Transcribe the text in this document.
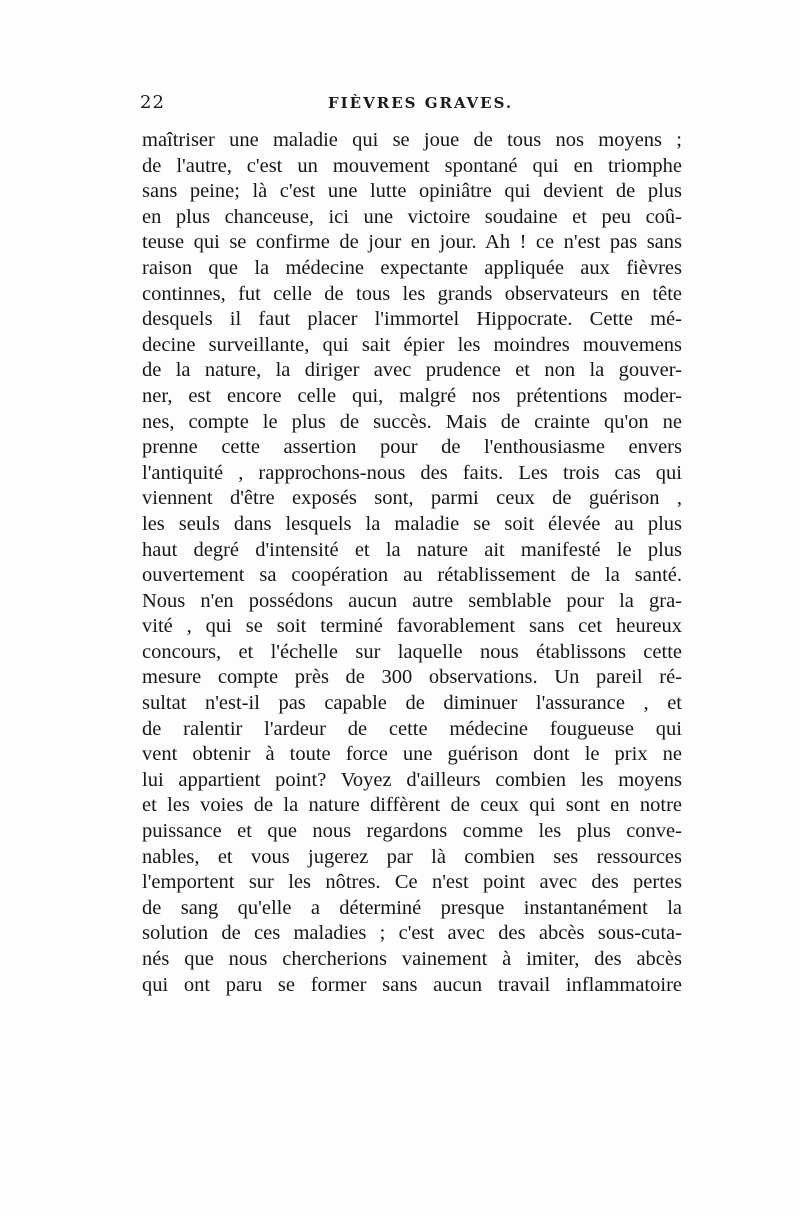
22	FIÈVRES GRAVES.
maîtriser une maladie qui se joue de tous nos moyens ;
de l'autre, c'est un mouvement spontané qui en triomphe
sans peine; là c'est une lutte opiniâtre qui devient de plus
en plus chanceuse, ici une victoire soudaine et peu coû-
teuse qui se confirme de jour en jour. Ah ! ce n'est pas sans
raison que la médecine expectante appliquée aux fièvres
continnes, fut celle de tous les grands observateurs en tête
desquels il faut placer l'immortel Hippocrate. Cette mé-
decine surveillante, qui sait épier les moindres mouvemens
de la nature, la diriger avec prudence et non la gouver-
ner, est encore celle qui, malgré nos prétentions moder-
nes, compte le plus de succès. Mais de crainte qu'on ne
prenne cette assertion pour de l'enthousiasme envers
l'antiquité , rapprochons-nous des faits. Les trois cas qui
viennent d'être exposés sont, parmi ceux de guérison ,
les seuls dans lesquels la maladie se soit élevée au plus
haut degré d'intensité et la nature ait manifesté le plus
ouvertement sa coopération au rétablissement de la santé.
Nous n'en possédons aucun autre semblable pour la gra-
vité , qui se soit terminé favorablement sans cet heureux
concours, et l'échelle sur laquelle nous établissons cette
mesure compte près de 300 observations. Un pareil ré-
sultat n'est-il pas capable de diminuer l'assurance , et
de ralentir l'ardeur de cette médecine fougueuse qui
vent obtenir à toute force une guérison dont le prix ne
lui appartient point? Voyez d'ailleurs combien les moyens
et les voies de la nature diffèrent de ceux qui sont en notre
puissance et que nous regardons comme les plus conve-
nables, et vous jugerez par là combien ses ressources
l'emportent sur les nôtres. Ce n'est point avec des pertes
de sang qu'elle a déterminé presque instantanément la
solution de ces maladies ; c'est avec des abcès sous-cuta-
nés que nous chercherions vainement à imiter, des abcès
qui ont paru se former sans aucun travail inflammatoire
